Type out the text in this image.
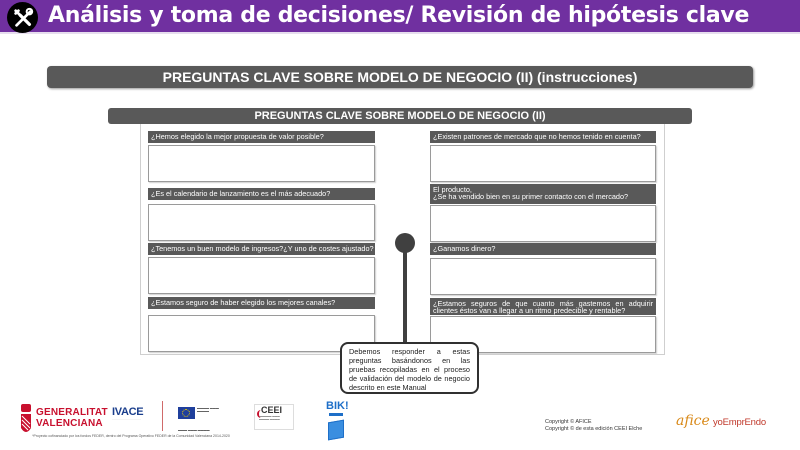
Análisis y toma de decisiones/ Revisión de hipótesis clave
PREGUNTAS CLAVE SOBRE MODELO DE NEGOCIO (II) (instrucciones)
PREGUNTAS CLAVE SOBRE MODELO DE NEGOCIO (II)
¿Hemos elegido la mejor propuesta de valor posible?
¿Es el calendario de lanzamiento es el más adecuado?
¿Tenemos un buen modelo de ingresos?¿Y uno de costes ajustado?
¿Estamos seguro de haber elegido los mejores canales?
¿Existen patrones de mercado que no hemos tenido en cuenta?
El producto,
¿Se ha vendido bien en su primer contacto con el mercado?
¿Ganamos dinero?
¿Estamos seguros de que cuanto más gastemos en adquirir clientes éstos van a llegar a un ritmo predecible y rentable?
Debemos responder a estas preguntas basándonos en las pruebas recopiladas en el proceso de validación del modelo de negocio descrito en este Manual
GENERALITAT
VALENCIANA
IVACE
·····························
▬▬▬▬ ▬▬▬ ▬▬▬▬
▬▬▬ ▬▬▬ ▬▬▬▬
*Proyecto cofinanciado por los fondos FEDER, dentro del Programa Operativo FEDER de la Comunidad Valenciana 2014-2020
CEEI
▬▬▬▬▬ ▬▬▬
▬▬▬▬ ▬▬▬▬
BIK!
Copyright © AFICE
Copyright © de esta edición CEEI Elche afice yoEmprEndo
